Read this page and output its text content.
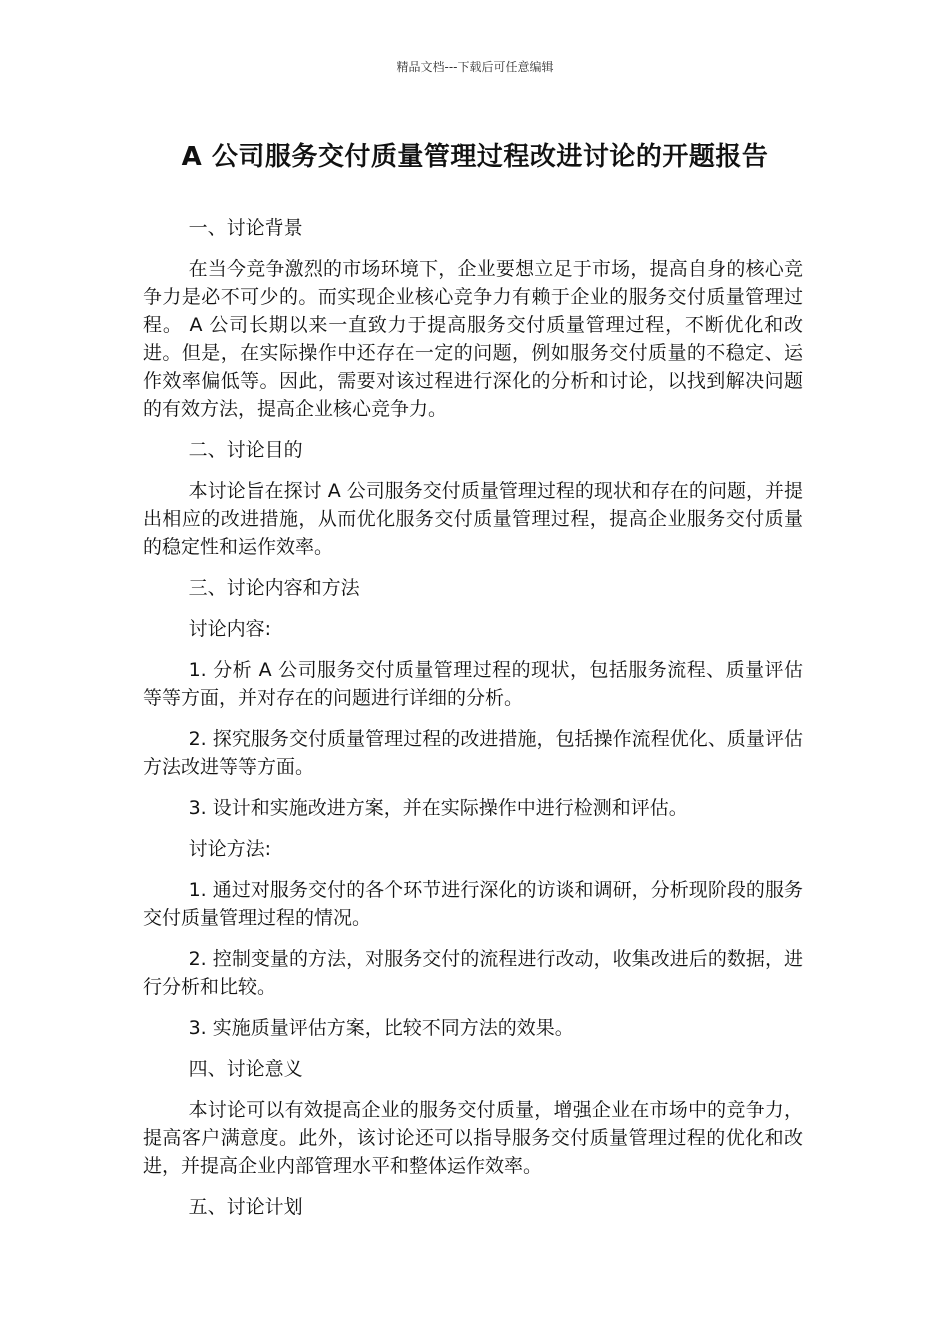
精品文档---下载后可任意编辑
A 公司服务交付质量管理过程改进讨论的开题报告

一、讨论背景

在当今竞争激烈的市场环境下，企业要想立足于市场，提高自身的核心竞争力是必不可少的。而实现企业核心竞争力有赖于企业的服务交付质量管理过程。 A 公司长期以来一直致力于提高服务交付质量管理过程，不断优化和改进。但是，在实际操作中还存在一定的问题，例如服务交付质量的不稳定、运作效率偏低等。因此，需要对该过程进行深化的分析和讨论，以找到解决问题的有效方法，提高企业核心竞争力。

二、讨论目的

本讨论旨在探讨 A 公司服务交付质量管理过程的现状和存在的问题，并提出相应的改进措施，从而优化服务交付质量管理过程，提高企业服务交付质量的稳定性和运作效率。

三、讨论内容和方法

讨论内容:

1. 分析 A 公司服务交付质量管理过程的现状，包括服务流程、质量评估等等方面，并对存在的问题进行详细的分析。

2. 探究服务交付质量管理过程的改进措施，包括操作流程优化、质量评估方法改进等等方面。

3. 设计和实施改进方案，并在实际操作中进行检测和评估。

讨论方法:

1. 通过对服务交付的各个环节进行深化的访谈和调研，分析现阶段的服务交付质量管理过程的情况。

2. 控制变量的方法，对服务交付的流程进行改动，收集改进后的数据，进行分析和比较。

3. 实施质量评估方案，比较不同方法的效果。

四、讨论意义

本讨论可以有效提高企业的服务交付质量，增强企业在市场中的竞争力，提高客户满意度。此外，该讨论还可以指导服务交付质量管理过程的优化和改进，并提高企业内部管理水平和整体运作效率。

五、讨论计划
